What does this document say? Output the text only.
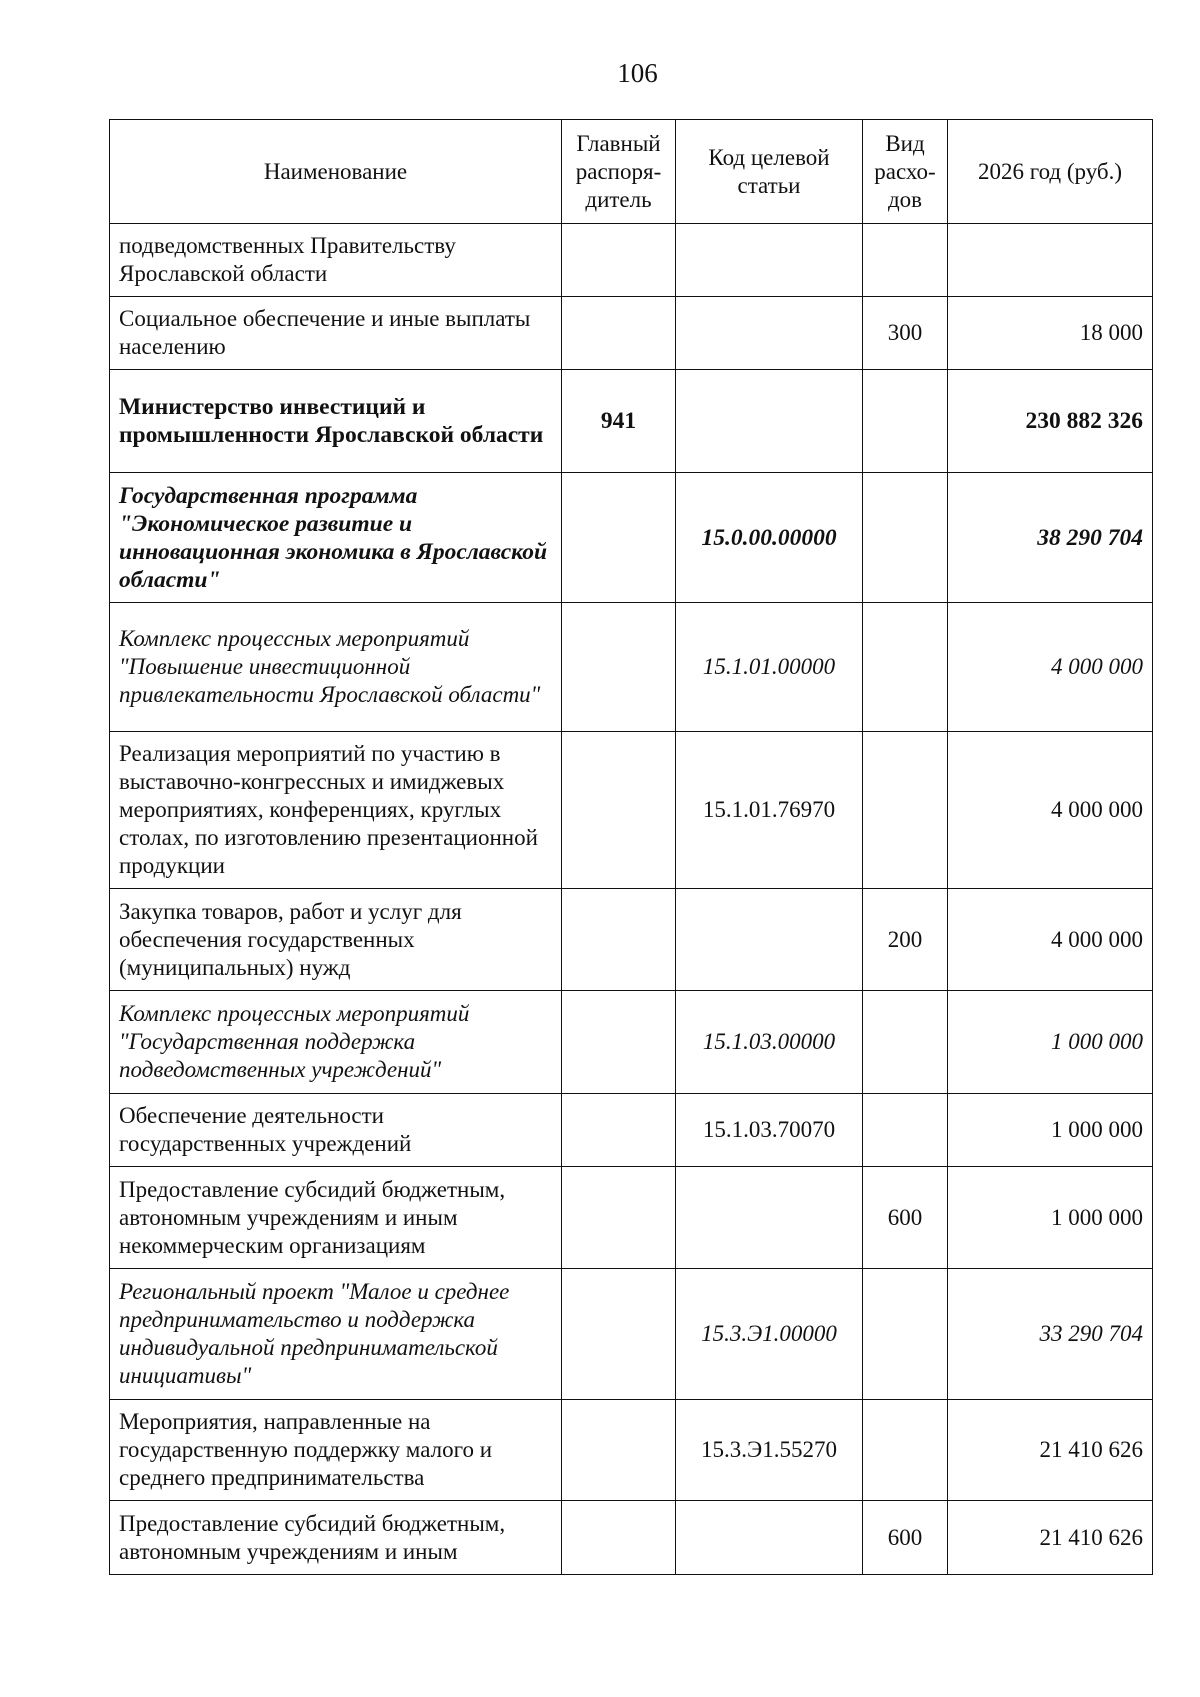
106
Наименование	Главный распоря-дитель	Код целевой статьи	Вид расхо-дов	2026 год (руб.)
подведомственных Правительству Ярославской области				
Социальное обеспечение и иные выплаты населению			300	18 000
Министерство инвестиций и промышленности Ярославской области	941			230 882 326
Государственная программа "Экономическое развитие и инновационная экономика в Ярославской области"		15.0.00.00000		38 290 704
Комплекс процессных мероприятий "Повышение инвестиционной привлекательности Ярославской области"		15.1.01.00000		4 000 000
Реализация мероприятий по участию в выставочно-конгрессных и имиджевых мероприятиях, конференциях, круглых столах, по изготовлению презентационной продукции		15.1.01.76970		4 000 000
Закупка товаров, работ и услуг для обеспечения государственных (муниципальных) нужд			200	4 000 000
Комплекс процессных мероприятий "Государственная поддержка подведомственных учреждений"		15.1.03.00000		1 000 000
Обеспечение деятельности государственных учреждений		15.1.03.70070		1 000 000
Предоставление субсидий бюджетным, автономным учреждениям и иным некоммерческим организациям			600	1 000 000
Региональный проект "Малое и среднее предпринимательство и поддержка индивидуальной предпринимательской инициативы"		15.3.Э1.00000		33 290 704
Мероприятия, направленные на государственную поддержку малого и среднего предпринимательства		15.3.Э1.55270		21 410 626
Предоставление субсидий бюджетным, автономным учреждениям и иным			600	21 410 626
